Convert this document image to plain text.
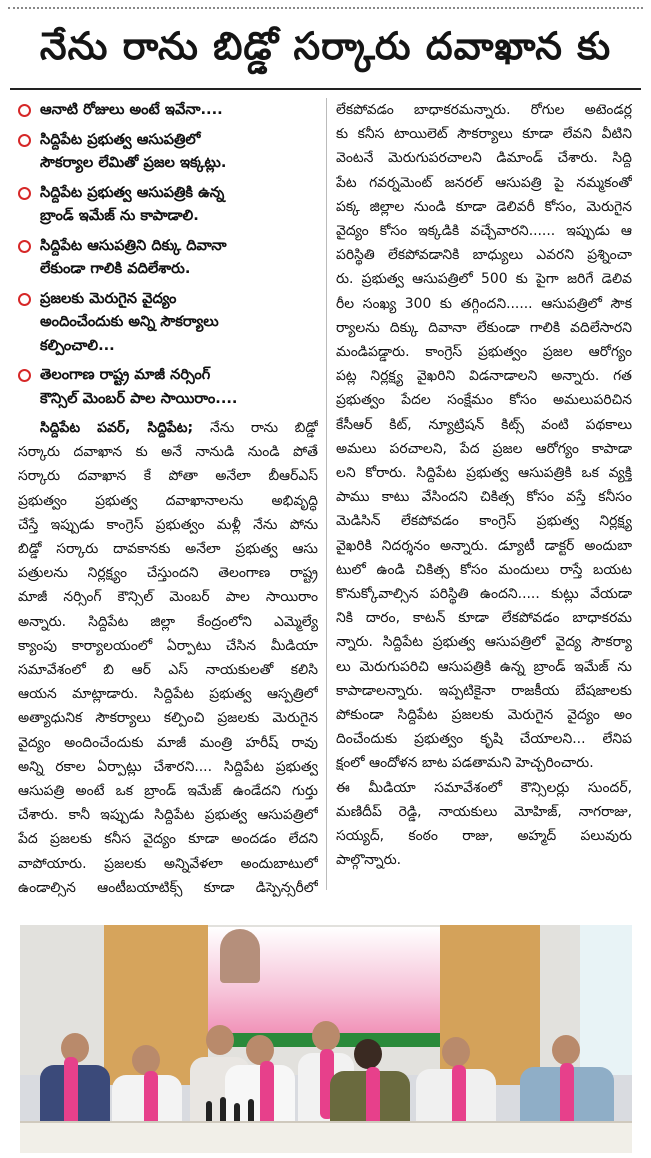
నేను రాను బిడ్డో సర్కారు దవాఖాన కు
ఆనాటి రోజులు అంటే ఇవేనా....
సిద్దిపేట ప్రభుత్వ ఆసుపత్రిలో
సౌకర్యాల లేమితో ప్రజల ఇక్కట్లు.
సిద్దిపేట ప్రభుత్వ ఆసుపత్రికి ఉన్న
బ్రాండ్ ఇమేజ్ ను కాపాడాలి.
సిద్దిపేట ఆసుపత్రిని దిక్కు దివానా
లేకుండా గాలికి వదిలేశారు.
ప్రజలకు మెరుగైన వైద్యం
అందించేందుకు అన్ని సౌకర్యాలు
కల్పించాలి...
తెలంగాణ రాష్ట్ర మాజీ నర్సింగ్
కౌన్సిల్ మెంబర్ పాల సాయిరాం....
సిద్దిపేట పవర్, సిద్దిపేట; నేను రాను బిడ్డో
సర్కారు దవాఖాన కు అనే నానుడి నుండి పోతే
సర్కారు దవాఖాన కే పోతా అనేలా బీఆర్ఎస్
ప్రభుత్వం ప్రభుత్వ దవాఖానాలను అభివృద్ధి
చేస్తే ఇప్పుడు కాంగ్రెస్ ప్రభుత్వం మళ్లీ నేను పోను
బిడ్డో సర్కారు దావకానకు అనేలా ప్రభుత్వ ఆసు
పత్రులను నిర్లక్ష్యం చేస్తుందని తెలంగాణ రాష్ట్ర
మాజీ నర్సింగ్ కౌన్సిల్ మెంబర్ పాల సాయిరాం
అన్నారు. సిద్దిపేట జిల్లా కేంద్రంలోని ఎమ్మెల్యే
క్యాంపు కార్యాలయంలో ఏర్పాటు చేసిన మీడియా
సమావేశంలో బి ఆర్ ఎస్ నాయకులతో కలిసి
ఆయన మాట్లాడారు. సిద్దిపేట ప్రభుత్వ ఆస్పత్రిలో
అత్యాధునిక సౌకర్యాలు కల్పించి ప్రజలకు మెరుగైన
వైద్యం అందించేందుకు మాజీ మంత్రి హరీష్ రావు
అన్ని రకాల ఏర్పాట్లు చేశారని.... సిద్దిపేట ప్రభుత్వ
ఆసుపత్రి అంటే ఒక బ్రాండ్ ఇమేజ్ ఉండేదని గుర్తు
చేశారు. కానీ ఇప్పుడు సిద్దిపేట ప్రభుత్వ ఆసుపత్రిలో
పేద ప్రజలకు కనీస వైద్యం కూడా అందడం లేదని
వాపోయారు. ప్రజలకు అన్నివేళలా అందుబాటులో
ఉండాల్సిన ఆంటీబయాటిక్స్ కూడా డిస్పెన్సరీలో
లేకపోవడం బాధాకరమన్నారు. రోగుల అటెండర్ల
కు కనీస టాయిలెట్ సౌకర్యాలు కూడా లేవని వీటిని
వెంటనే మెరుగుపరచాలని డిమాండ్ చేశారు. సిద్ది
పేట గవర్నమెంట్ జనరల్ ఆసుపత్రి పై నమ్మకంతో
పక్క జిల్లాల నుండి కూడా డెలివరీ కోసం, మెరుగైన
వైద్యం కోసం ఇక్కడికి వచ్చేవారని...... ఇప్పుడు ఆ
పరిస్థితి లేకపోవడానికి బాధ్యులు ఎవరని ప్రశ్నించా
రు. ప్రభుత్వ ఆసుపత్రిలో 500 కు పైగా జరిగే డెలివ
రీల సంఖ్య 300 కు తగ్గిందని...... ఆసుపత్రిలో సౌక
ర్యాలను దిక్కు దివానా లేకుండా గాలికి వదిలేసారని
మండిపడ్డారు. కాంగ్రెస్ ప్రభుత్వం ప్రజల ఆరోగ్యం
పట్ల నిర్లక్ష్య వైఖరిని విడనాడాలని అన్నారు. గత
ప్రభుత్వం పేదల సంక్షేమం కోసం అమలుపరిచిన
కేసీఆర్ కిట్, న్యూట్రిషన్ కిట్స్ వంటి పథకాలు
అమలు పరచాలని, పేద ప్రజల ఆరోగ్యం కాపాడా
లని కోరారు. సిద్దిపేట ప్రభుత్వ ఆసుపత్రికి ఒక వ్యక్తి
పాము కాటు వేసిందని చికిత్స కోసం వస్తే కనీసం
మెడిసిన్ లేకపోవడం కాంగ్రెస్ ప్రభుత్వ నిర్లక్ష్య
వైఖరికి నిదర్శనం అన్నారు. డ్యూటీ డాక్టర్ అందుబా
టులో ఉండి చికిత్స కోసం మందులు రాస్తే బయట
కొనుక్కోవాల్సిన పరిస్థితి ఉందని..... కుట్లు వేయడా
నికి దారం, కాటన్ కూడా లేకపోవడం బాధాకరమ
న్నారు. సిద్దిపేట ప్రభుత్వ ఆసుపత్రిలో వైద్య సౌకర్యా
లు మెరుగుపరిచి ఆసుపత్రికి ఉన్న బ్రాండ్ ఇమేజ్ ను
కాపాడాలన్నారు. ఇప్పటికైనా రాజకీయ బేషజాలకు
పోకుండా సిద్దిపేట ప్రజలకు మెరుగైన వైద్యం అం
దించేందుకు ప్రభుత్వం కృషి చేయాలని... లేనిప
క్షంలో ఆందోళన బాట పడతామని హెచ్చరించారు.
ఈ మీడియా సమావేశంలో కౌన్సిలర్లు సుందర్,
మణిదీప్ రెడ్డి, నాయకులు మోహిజ్, నాగరాజు,
సయ్యద్, కంఠం రాజు, అహ్మద్ పలువురు
పాల్గొన్నారు.
